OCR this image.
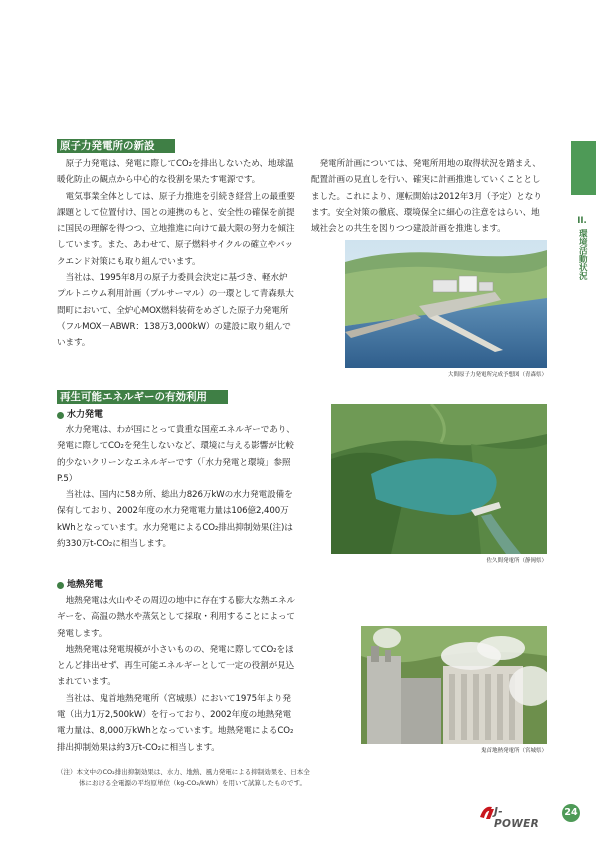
原子力発電所の新設

原子力発電は、発電に際してCO₂を排出しないため、地球温暖化防止の観点から中心的な役割を果たす電源です。

電気事業全体としては、原子力推進を引続き経営上の最重要課題として位置付け、国との連携のもと、安全性の確保を前提に国民の理解を得つつ、立地推進に向けて最大限の努力を傾注しています。また、あわせて、原子燃料サイクルの確立やバックエンド対策にも取り組んでいます。

当社は、1995年8月の原子力委員会決定に基づき、軽水炉プルトニウム利用計画（プルサーマル）の一環として青森県大間町において、全炉心MOX燃料装荷をめざした原子力発電所（フルMOX－ABWR：138万3,000kW）の建設に取り組んでいます。

発電所計画については、発電所用地の取得状況を踏まえ、配置計画の見直しを行い、確実に計画推進していくこととしました。これにより、運転開始は2012年3月（予定）となります。安全対策の徹底、環境保全に細心の注意をはらい、地域社会との共生を図りつつ建設計画を推進します。

大間原子力発電所完成予想図（青森県）
再生可能エネルギーの有効利用
水力発電

水力発電は、わが国にとって貴重な国産エネルギーであり、発電に際してCO₂を発生しないなど、環境に与える影響が比較的少ないクリーンなエネルギーです（「水力発電と環境」参照　P.5）

当社は、国内に58カ所、総出力826万kWの水力発電設備を保有しており、2002年度の水力発電電力量は106億2,400万kWhとなっています。水力発電によるCO₂排出抑制効果(注)は約330万t-CO₂に相当します。

佐久間発電所（静岡県）
地熱発電

地熱発電は火山やその周辺の地中に存在する膨大な熱エネルギーを、高温の熱水や蒸気として採取・利用することによって発電します。

地熱発電は発電規模が小さいものの、発電に際してCO₂をほとんど排出せず、再生可能エネルギーとして一定の役割が見込まれています。

当社は、鬼首地熱発電所（宮城県）において1975年より発電（出力1万2,500kW）を行っており、2002年度の地熱発電電力量は、8,000万kWhとなっています。地熱発電によるCO₂排出抑制効果は約3万t-CO₂に相当します。	鬼首地熱発電所（宮城県）
（注）本文中のCO₂排出抑制効果は、水力、地熱、風力発電による抑制効果を、日本全体における全電源の平均原単位（kg-CO₂/kWh）を用いて試算したものです。
II.
環境活動状況
J-POWER
24
